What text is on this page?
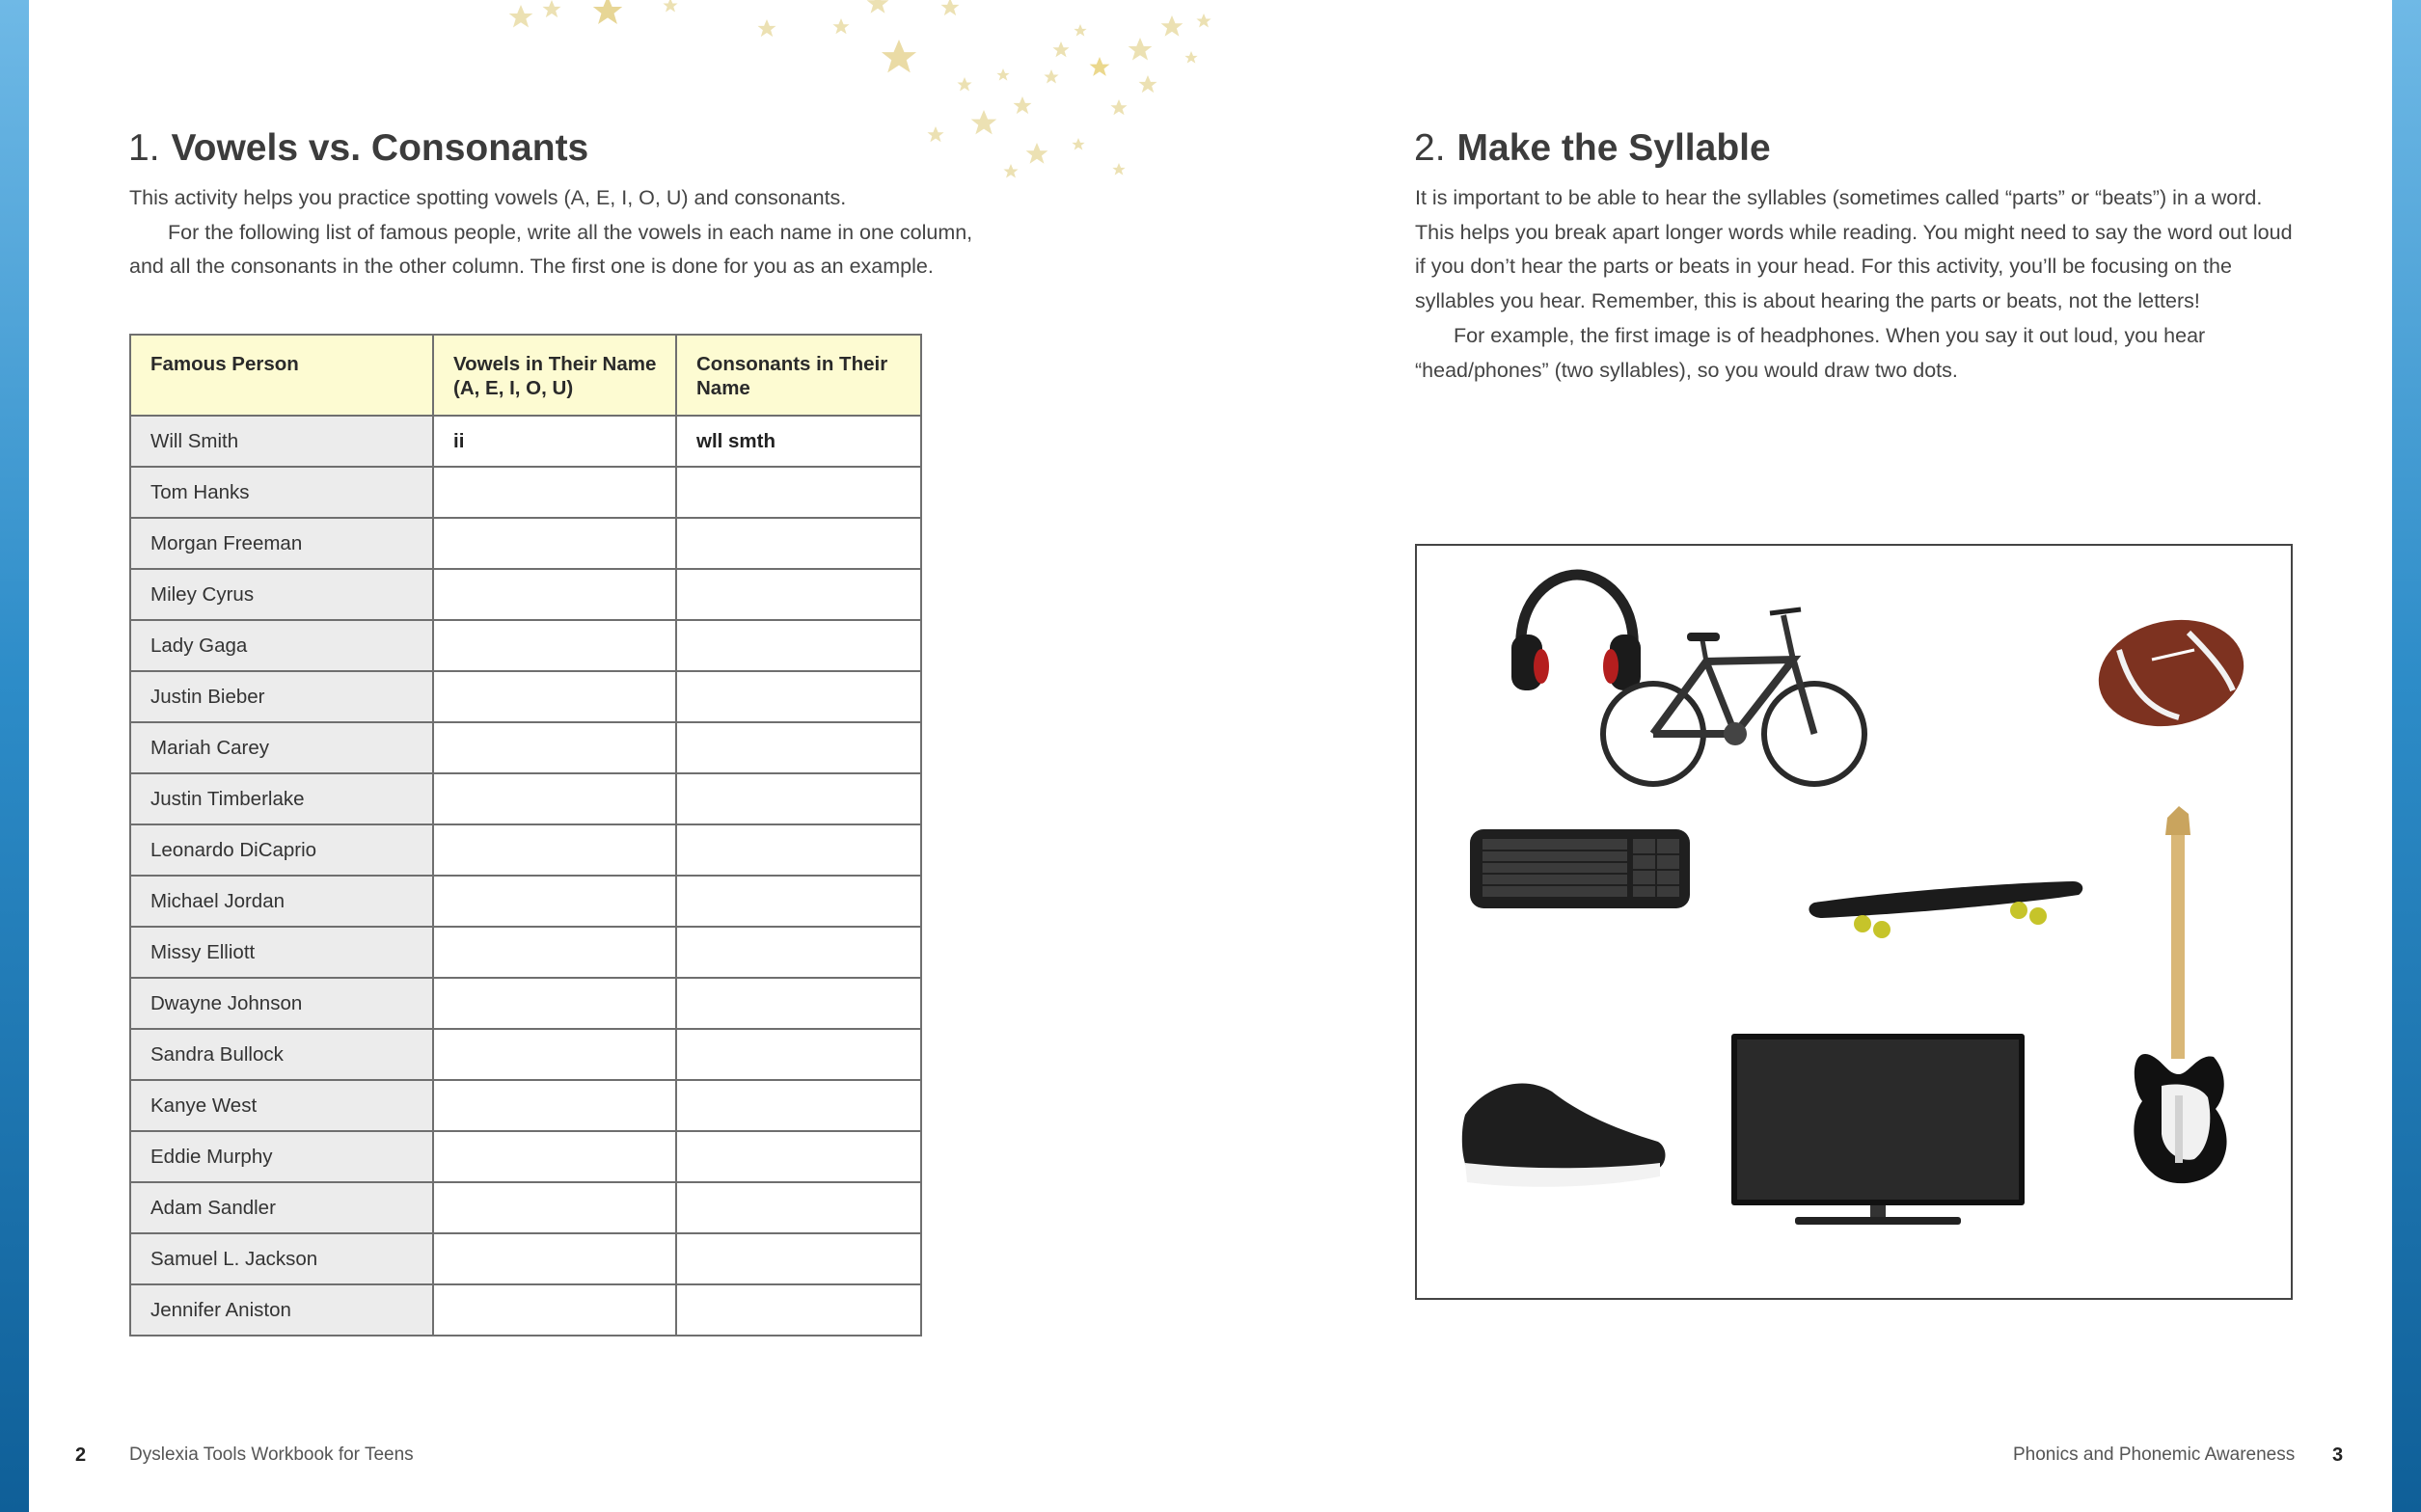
1. Vowels vs. Consonants

This activity helps you practice spotting vowels (A, E, I, O, U) and consonants.
For the following list of famous people, write all the vowels in each name in one column, and all the consonants in the other column. The first one is done for you as an example.

Famous Person	Vowels in Their Name (A, E, I, O, U)	Consonants in Their Name
Will Smith	ii	wll smth
Tom Hanks		
Morgan Freeman		
Miley Cyrus		
Lady Gaga		
Justin Bieber		
Mariah Carey		
Justin Timberlake		
Leonardo DiCaprio		
Michael Jordan		
Missy Elliott		
Dwayne Johnson		
Sandra Bullock		
Kanye West		
Eddie Murphy		
Adam Sandler		
Samuel L. Jackson		
Jennifer Aniston		
2. Make the Syllable

It is important to be able to hear the syllables (sometimes called “parts” or “beats”) in a word. This helps you break apart longer words while reading. You might need to say the word out loud if you don’t hear the parts or beats in your head. For this activity, you’ll be focusing on the syllables you hear. Remember, this is about hearing the parts or beats, not the letters!
For example, the first image is of headphones. When you say it out loud, you hear “head/phones” (two syllables), so you would draw two dots.

2 Dyslexia Tools Workbook for Teens	Phonics and Phonemic Awareness 3
